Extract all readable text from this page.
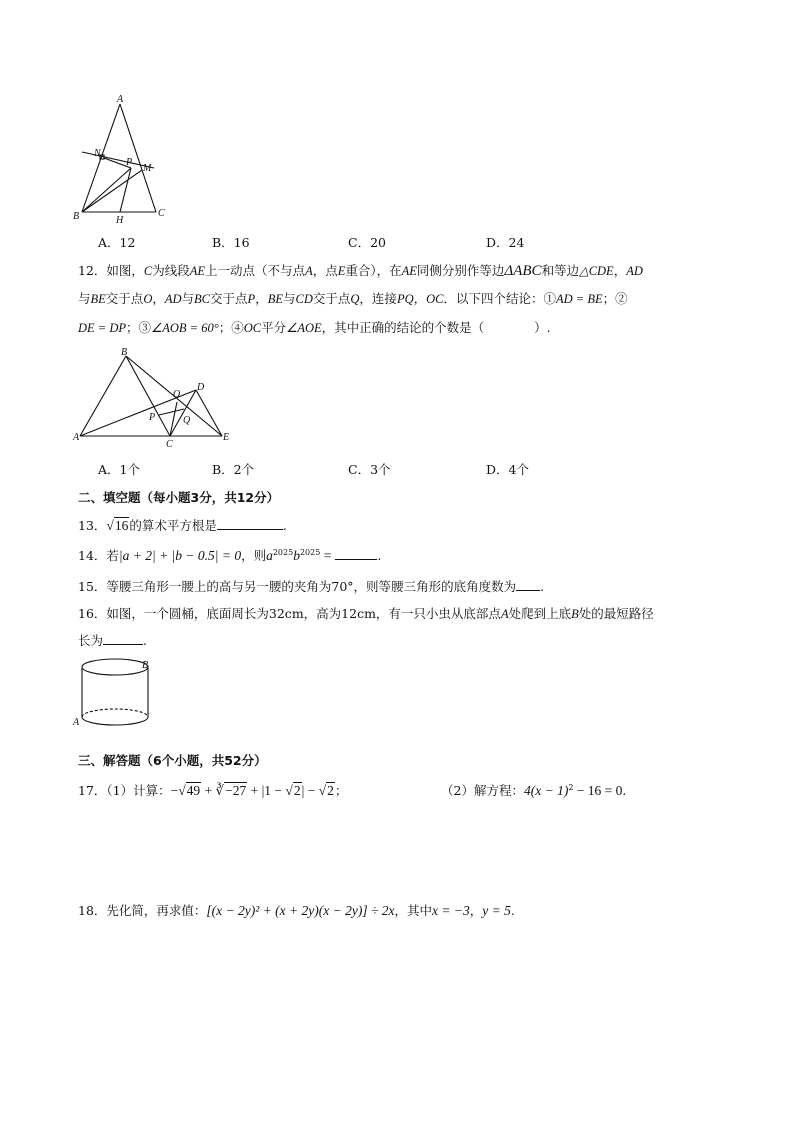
A
N
P
M
B	H
C
A．12	B．16	C．20	D．24
12．如图，C为线段AE上一动点（不与点A，点E重合），在AE同侧分别作等边ΔABC和等边△CDE，AD
与BE交于点O，AD与BC交于点P，BE与CD交于点Q，连接PQ，OC．以下四个结论：①AD = BE；②
DE = DP；③∠AOB = 60°；④OC平分∠AOE，其中正确的结论的个数是（　　　　）.
B
O
D
P	Q
A
C
E
A．1个	B．2个	C．3个	D．4个
二、填空题（每小题3分，共12分）
13．√16的算术平方根是	.
14．若|a + 2| + |b − 0.5| = 0，则$a^{2025}b^{2025}$ =	.
15．等腰三角形一腰上的高与另一腰的夹角为70°，则等腰三角形的底角度数为 .
16．如图，一个圆桶，底面周长为32cm，高为12cm，有一只小虫从底部点A处爬到上底B处的最短路径
长为	.
B
A
三、解答题（6个小题，共52分）
17．（1）计算：−√49 + ∛−27 + |1 − √2| − √2；	（2）解方程：$4(x - 1)^2 - 16 = 0$.
18．先化简，再求值：[(x − 2y)² + (x + 2y)(x − 2y)] ÷ 2x，其中x = −3，y = 5.
